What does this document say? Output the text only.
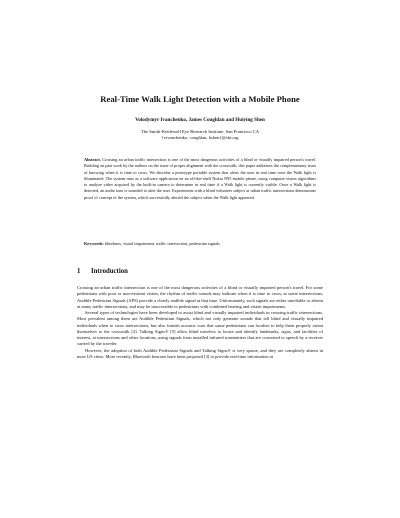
Real-Time Walk Light Detection with a Mobile Phone
Volodymyr Ivanchenko, James Coughlan and Huiying Shen
The Smith-Kettlewell Eye Research Institute, San Francisco CA
{vivanchenko, coughlan, hshen}@ski.org
Abstract. Crossing an urban traffic intersection is one of the most dangerous activities of a blind or visually impaired person's travel. Building on past work by the authors on the issue of proper alignment with the crosswalk, this paper addresses the complementary issue of knowing when it is time to cross. We describe a prototype portable system that alerts the user in real time once the Walk light is illuminated. The system runs as a software application on an off-the-shelf Nokia N95 mobile phone, using computer vision algorithms to analyze video acquired by the built-in camera to determine in real time if a Walk light is currently visible. Once a Walk light is detected, an audio tone is sounded to alert the user. Experiments with a blind volunteer subject at urban traffic intersections demonstrate proof of concept of the system, which successfully alerted the subject when the Walk light appeared.
Keywords: blindness, visual impairment, traffic intersection, pedestrian signals
1 Introduction

Crossing an urban traffic intersection is one of the most dangerous activities of a blind or visually impaired person's travel. For some pedestrians with poor or non-existent vision, the rhythm of traffic sounds may indicate when it is time to cross; at some intersections, Audible Pedestrian Signals (APS) provide a clearly audible signal at that time. Unfortunately, such signals are either unreliable or absent at many traffic intersections, and may be inaccessible to pedestrians with combined hearing and vision impairments.

Several types of technologies have been developed to assist blind and visually impaired individuals in crossing traffic intersections. Most prevalent among them are Audible Pedestrian Signals, which not only generate sounds that tell blind and visually impaired individuals when to cross intersections, but also furnish acoustic cues that some pedestrians can localize to help them properly orient themselves to the crosswalk [2]. Talking Signs® [5] allow blind travelers to locate and identify landmarks, signs, and facilities of interest, at intersections and other locations, using signals from installed infrared transmitters that are converted to speech by a receiver carried by the traveler.

However, the adoption of both Audible Pedestrian Signals and Talking Signs® is very sparse, and they are completely absent in most US cities. More recently, Bluetooth beacons have been proposed [3] to provide real-time information at
